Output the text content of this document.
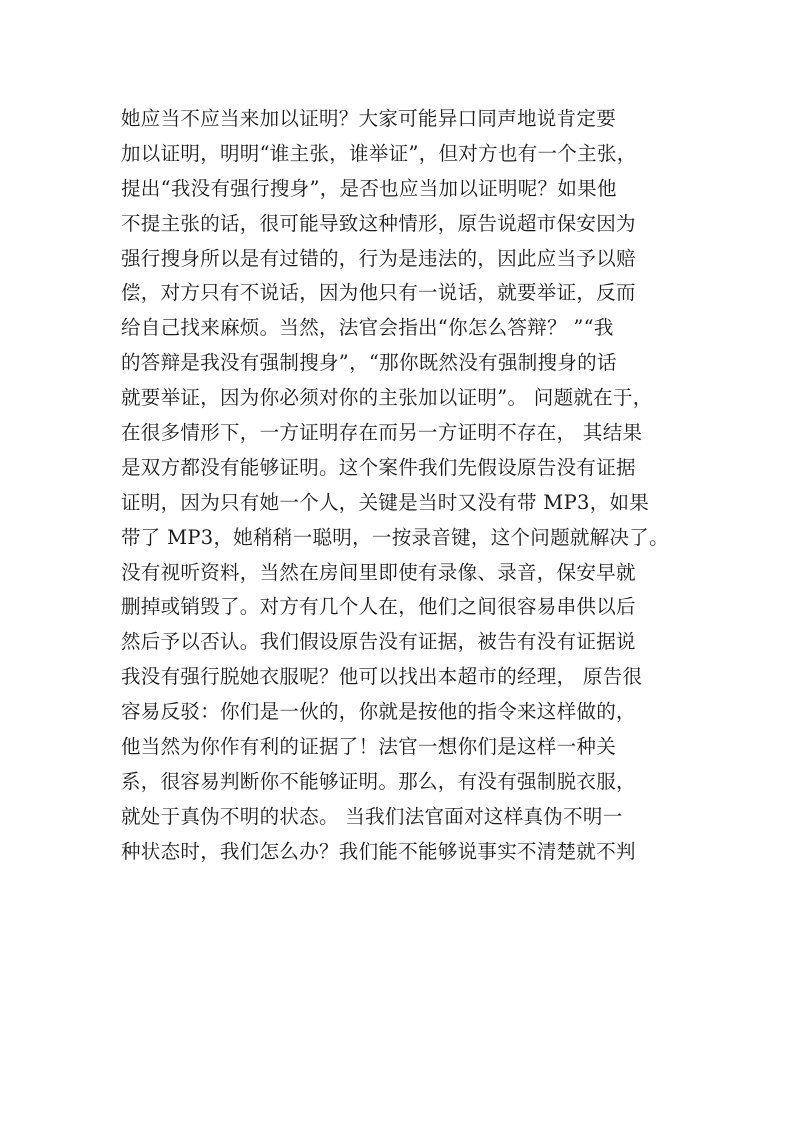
她应当不应当来加以证明？大家可能异口同声地说肯定要
加以证明，明明“谁主张，谁举证”，但对方也有一个主张，
提出“我没有强行搜身”，是否也应当加以证明呢？如果他
不提主张的话，很可能导致这种情形，原告说超市保安因为
强行搜身所以是有过错的，行为是违法的，因此应当予以赔
偿，对方只有不说话，因为他只有一说话，就要举证，反而
给自己找来麻烦。当然，法官会指出“你怎么答辩？ ”“我
的答辩是我没有强制搜身”，“那你既然没有强制搜身的话
就要举证，因为你必须对你的主张加以证明”。 问题就在于，
在很多情形下，一方证明存在而另一方证明不存在， 其结果
是双方都没有能够证明。这个案件我们先假设原告没有证据
证明，因为只有她一个人，关键是当时又没有带 MP3，如果
带了 MP3，她稍稍一聪明，一按录音键，这个问题就解决了。
没有视听资料，当然在房间里即使有录像、录音，保安早就
删掉或销毁了。对方有几个人在，他们之间很容易串供以后
然后予以否认。我们假设原告没有证据，被告有没有证据说
我没有强行脱她衣服呢？他可以找出本超市的经理， 原告很
容易反驳：你们是一伙的，你就是按他的指令来这样做的，
他当然为你作有利的证据了！法官一想你们是这样一种关
系，很容易判断你不能够证明。那么，有没有强制脱衣服，
就处于真伪不明的状态。 当我们法官面对这样真伪不明一
种状态时，我们怎么办？我们能不能够说事实不清楚就不判
